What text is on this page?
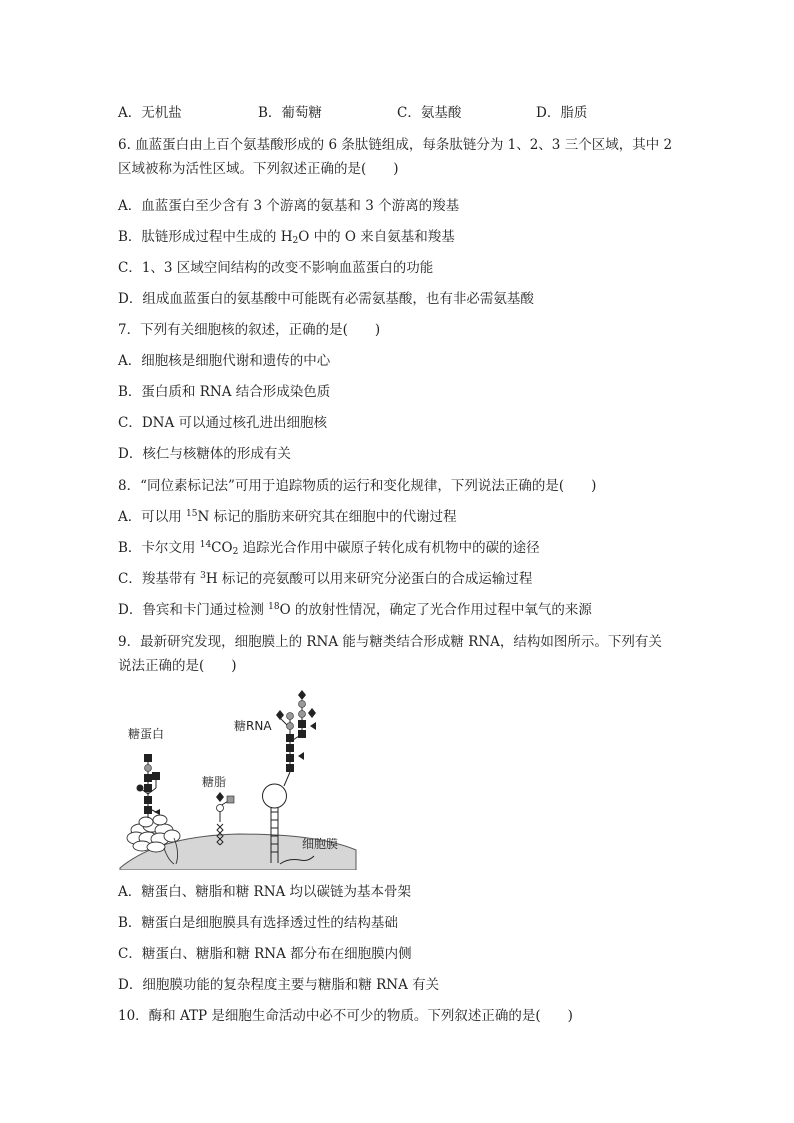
A．无机盐	B．葡萄糖	C．氨基酸	D．脂质
6. 血蓝蛋白由上百个氨基酸形成的 6 条肽链组成，每条肽链分为 1、2、3 三个区域，其中 2
区域被称为活性区域。下列叙述正确的是(　　)
A．血蓝蛋白至少含有 3 个游离的氨基和 3 个游离的羧基
B．肽链形成过程中生成的 $H_2O$ 中的 O 来自氨基和羧基
C．1、3 区域空间结构的改变不影响血蓝蛋白的功能
D．组成血蓝蛋白的氨基酸中可能既有必需氨基酸，也有非必需氨基酸
7．下列有关细胞核的叙述，正确的是(　　)
A．细胞核是细胞代谢和遗传的中心
B．蛋白质和 RNA 结合形成染色质
C．DNA 可以通过核孔进出细胞核
D．核仁与核糖体的形成有关
8．“同位素标记法”可用于追踪物质的运行和变化规律，下列说法正确的是(　　)
A．可以用 $^{15}$N 标记的脂肪来研究其在细胞中的代谢过程
B．卡尔文用 $^{14}CO_2$ 追踪光合作用中碳原子转化成有机物中的碳的途径
C．羧基带有 $^3$H 标记的亮氨酸可以用来研究分泌蛋白的合成运输过程
D．鲁宾和卡门通过检测 $^{18}$O 的放射性情况，确定了光合作用过程中氧气的来源
9．最新研究发现，细胞膜上的 RNA 能与糖类结合形成糖 RNA，结构如图所示。下列有关
说法正确的是(　　)
糖蛋白
糖脂
糖RNA
细胞膜
A．糖蛋白、糖脂和糖 RNA 均以碳链为基本骨架
B．糖蛋白是细胞膜具有选择透过性的结构基础
C．糖蛋白、糖脂和糖 RNA 都分布在细胞膜内侧
D．细胞膜功能的复杂程度主要与糖脂和糖 RNA 有关
10．酶和 ATP 是细胞生命活动中必不可少的物质。下列叙述正确的是(　　)
